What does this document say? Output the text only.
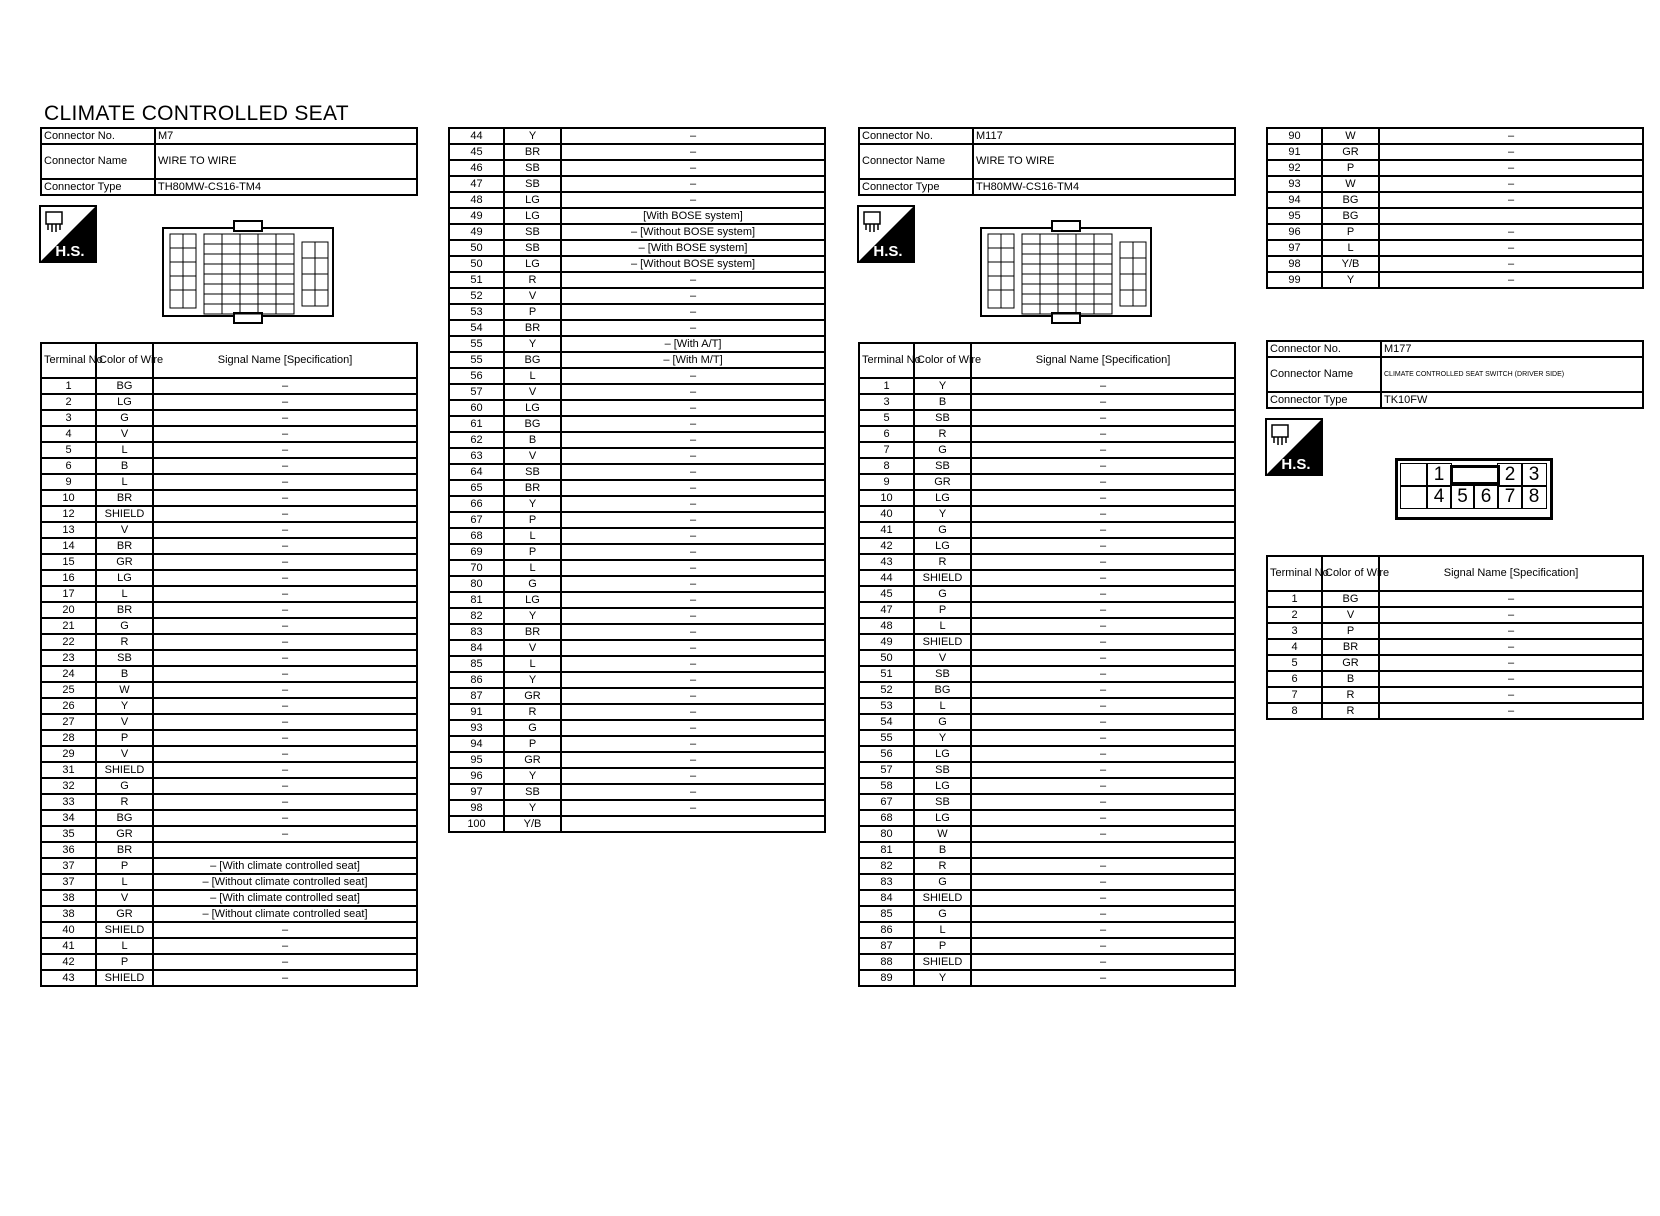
CLIMATE CONTROLLED SEAT
Connector No.	M7
Connector Name	WIRE TO WIRE
Connector Type	TH80MW-CS16-TM4
H.S.
Terminal No.	Color of Wire	Signal Name [Specification]
1	BG	–
2	LG	–
3	G	–
4	V	–
5	L	–
6	B	–
9	L	–
10	BR	–
12	SHIELD	–
13	V	–
14	BR	–
15	GR	–
16	LG	–
17	L	–
20	BR	–
21	G	–
22	R	–
23	SB	–
24	B	–
25	W	–
26	Y	–
27	V	–
28	P	–
29	V	–
31	SHIELD	–
32	G	–
33	R	–
34	BG	–
35	GR	–
36	BR	
37	P	– [With climate controlled seat]
37	L	– [Without climate controlled seat]
38	V	– [With climate controlled seat]
38	GR	– [Without climate controlled seat]
40	SHIELD	–
41	L	–
42	P	–
43	SHIELD	–
44	Y	–
45	BR	–
46	SB	–
47	SB	–
48	LG	–
49	LG	[With BOSE system]
49	SB	– [Without BOSE system]
50	SB	– [With BOSE system]
50	LG	– [Without BOSE system]
51	R	–
52	V	–
53	P	–
54	BR	–
55	Y	– [With A/T]
55	BG	– [With M/T]
56	L	–
57	V	–
60	LG	–
61	BG	–
62	B	–
63	V	–
64	SB	–
65	BR	–
66	Y	–
67	P	–
68	L	–
69	P	–
70	L	–
80	G	–
81	LG	–
82	Y	–
83	BR	–
84	V	–
85	L	–
86	Y	–
87	GR	–
91	R	–
93	G	–
94	P	–
95	GR	–
96	Y	–
97	SB	–
98	Y	–
100	Y/B	
Connector No.	M117
Connector Name	WIRE TO WIRE
Connector Type	TH80MW-CS16-TM4
H.S.
Terminal No.	Color of Wire	Signal Name [Specification]
1	Y	–
3	B	–
5	SB	–
6	R	–
7	G	–
8	SB	–
9	GR	–
10	LG	–
40	Y	–
41	G	–
42	LG	–
43	R	–
44	SHIELD	–
45	G	–
47	P	–
48	L	–
49	SHIELD	–
50	V	–
51	SB	–
52	BG	–
53	L	–
54	G	–
55	Y	–
56	LG	–
57	SB	–
58	LG	–
67	SB	–
68	LG	–
80	W	–
81	B	
82	R	–
83	G	–
84	SHIELD	–
85	G	–
86	L	–
87	P	–
88	SHIELD	–
89	Y	–
90	W	–
91	GR	–
92	P	–
93	W	–
94	BG	–
95	BG	
96	P	–
97	L	–
98	Y/B	–
99	Y	–
Connector No.	M177
Connector Name	CLIMATE CONTROLLED SEAT SWITCH (DRIVER SIDE)
Connector Type	TK10FW
H.S.	1	2 3
4 5 6 7 8
Terminal No.	Color of Wire	Signal Name [Specification]
1	BG	–
2	V	–
3	P	–
4	BR	–
5	GR	–
6	B	–
7	R	–
8	R	–
